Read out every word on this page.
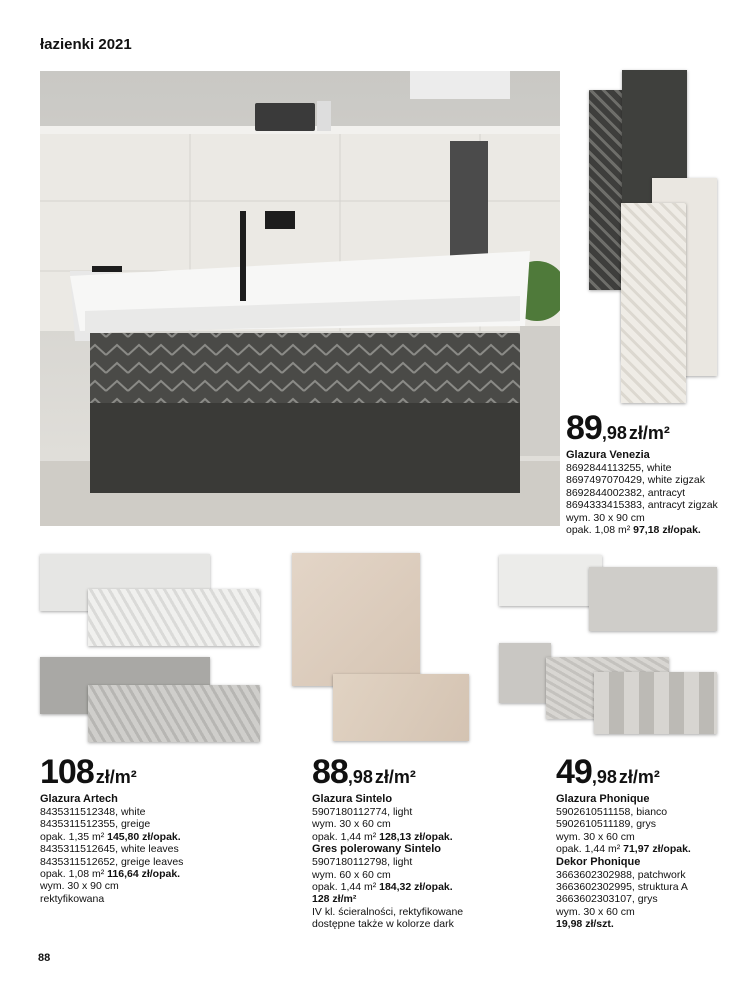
łazienki 2021
89,98 zł/m²
Glazura Venezia
8692844113255, white
8697497070429, white zigzak
8692844002382, antracyt
8694333415383, antracyt zigzak
wym. 30 x 90 cm
opak. 1,08 m² 97,18 zł/opak.
108 zł/m²
Glazura Artech
8435311512348, white
8435311512355, greige
opak. 1,35 m² 145,80 zł/opak.
8435311512645, white leaves
8435311512652, greige leaves
opak. 1,08 m² 116,64 zł/opak.
wym. 30 x 90 cm
rektyfikowana
88,98 zł/m²
Glazura Sintelo
5907180112774, light
wym. 30 x 60 cm
opak. 1,44 m² 128,13 zł/opak.
Gres polerowany Sintelo
5907180112798, light
wym. 60 x 60 cm
opak. 1,44 m² 184,32 zł/opak.
128 zł/m²
IV kl. ścieralności, rektyfikowane
dostępne także w kolorze dark
49,98 zł/m²
Glazura Phonique
5902610511158, bianco
5902610511189, grys
wym. 30 x 60 cm
opak. 1,44 m² 71,97 zł/opak.
Dekor Phonique
3663602302988, patchwork
3663602302995, struktura A
3663602303107, grys
wym. 30 x 60 cm
19,98 zł/szt.
88
